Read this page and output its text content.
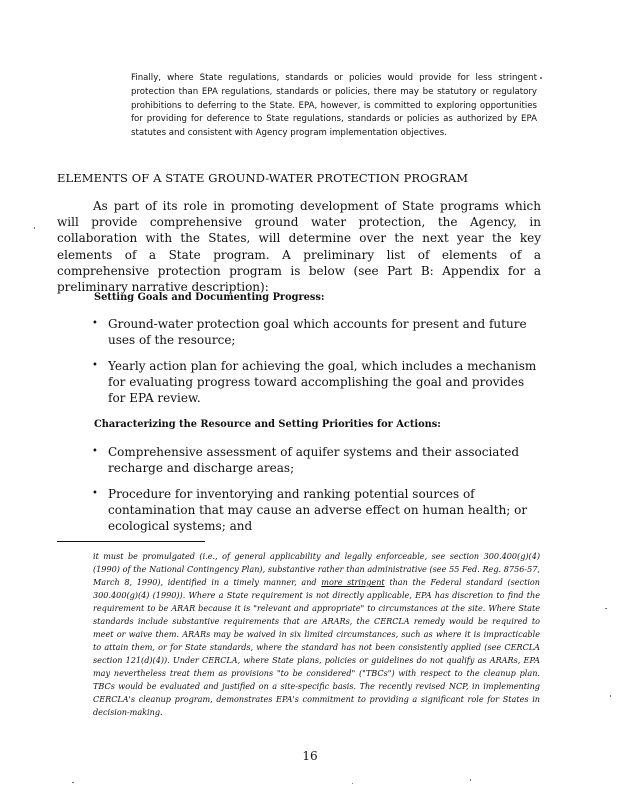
Finally, where State regulations, standards or policies would provide for less stringent protection than EPA regulations, standards or policies, there may be statutory or regulatory prohibitions to deferring to the State. EPA, however, is committed to exploring opportunities for providing for deference to State regulations, standards or policies as authorized by EPA statutes and consistent with Agency program implementation objectives.
ELEMENTS OF A STATE GROUND-WATER PROTECTION PROGRAM
As part of its role in promoting development of State programs which will provide comprehensive ground water protection, the Agency, in collaboration with the States, will determine over the next year the key elements of a State program. A preliminary list of elements of a comprehensive protection program is below (see Part B: Appendix for a preliminary narrative description):
Setting Goals and Documenting Progress:
• Ground-water protection goal which accounts for present and future uses of the resource;
• Yearly action plan for achieving the goal, which includes a mechanism for evaluating progress toward accomplishing the goal and provides for EPA review.
Characterizing the Resource and Setting Priorities for Actions:
• Comprehensive assessment of aquifer systems and their associated recharge and discharge areas;
• Procedure for inventorying and ranking potential sources of contamination that may cause an adverse effect on human health; or ecological systems; and
it must be promulgated (i.e., of general applicability and legally enforceable, see section 300.400(g)(4) (1990) of the National Contingency Plan), substantive rather than administrative (see 55 Fed. Reg. 8756-57, March 8, 1990), identified in a timely manner, and more stringent than the Federal standard (section 300.400(g)(4) (1990)). Where a State requirement is not directly applicable, EPA has discretion to find the requirement to be ARAR because it is "relevant and appropriate" to circumstances at the site. Where State standards include substantive requirements that are ARARs, the CERCLA remedy would be required to meet or waive them. ARARs may be waived in six limited circumstances, such as where it is impracticable to attain them, or for State standards, where the standard has not been consistently applied (see CERCLA section 121(d)(4)). Under CERCLA, where State plans, policies or guidelines do not qualify as ARARs, EPA may nevertheless treat them as provisions "to be considered" ("TBCs") with respect to the cleanup plan. TBCs would be evaluated and justified on a site-specific basis. The recently revised NCP, in implementing CERCLA's cleanup program, demonstrates EPA's commitment to providing a significant role for States in decision-making.
16
